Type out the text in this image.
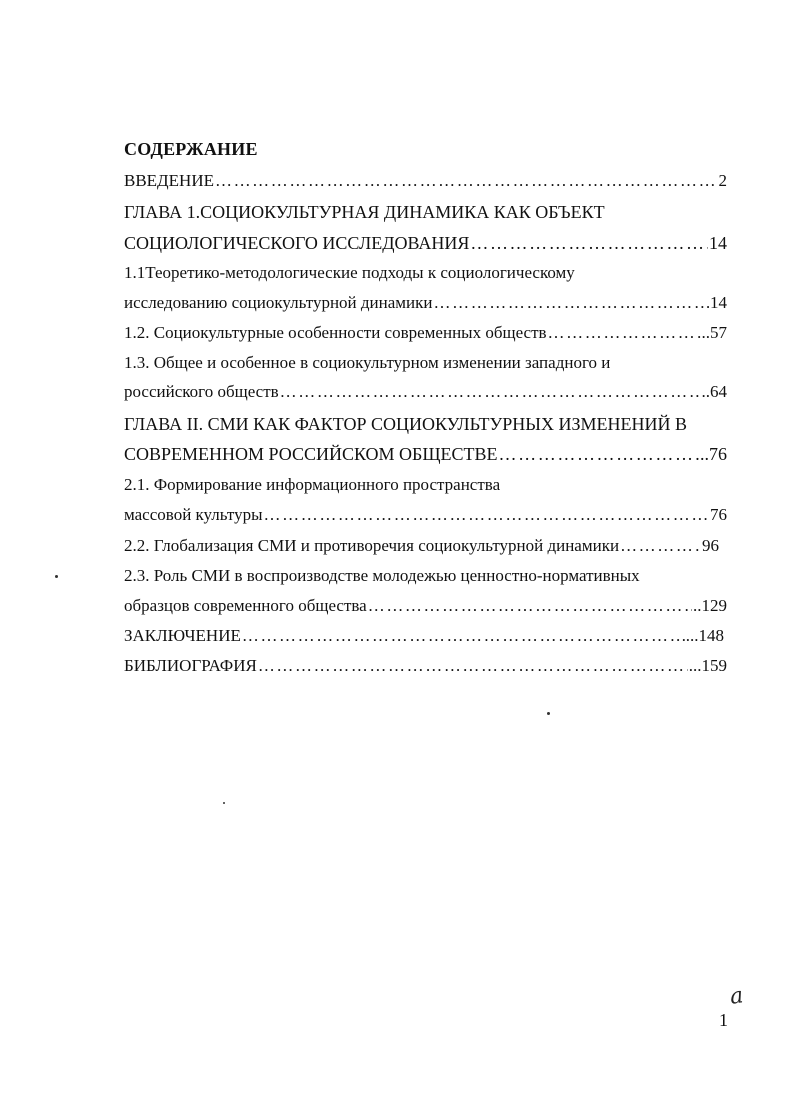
СОДЕРЖАНИЕ
ВВЕДЕНИЕ ………………………………………………………………………………………………………………………………………………	2
ГЛАВА 1.СОЦИОКУЛЬТУРНАЯ ДИНАМИКА КАК ОБЪЕКТ
СОЦИОЛОГИЧЕСКОГО ИССЛЕДОВАНИЯ ………………………………………………………………………………………………………………………………………………	14
1.1Теоретико-методологические подходы к социологическому
исследованию социокультурной динамики ………………………………………………………………………………………………………………………………………………	14
1.2. Социокультурные особенности современных обществ ………………………………………………………………………………………………………………………………………………	..57
1.3. Общее и особенное в социокультурном изменении западного и
российского обществ ………………………………………………………………………………………………………………………………………………	..64
ГЛАВА II. СМИ КАК ФАКТОР СОЦИОКУЛЬТУРНЫХ ИЗМЕНЕНИЙ В
СОВРЕМЕННОМ РОССИЙСКОМ ОБЩЕСТВЕ ………………………………………………………………………………………………………………………………………………	..76
2.1. Формирование информационного пространства
массовой культуры ………………………………………………………………………………………………………………………………………………	76
2.2. Глобализация СМИ и противоречия социокультурной динамики ………………………………………………………………………………………………………………………………………………	96
2.3. Роль СМИ в воспроизводстве молодежью ценностно-нормативных
образцов современного общества ………………………………………………………………………………………………………………………………………………	..129
ЗАКЛЮЧЕНИЕ ………………………………………………………………………………………………………………………………………………	...148
БИБЛИОГРАФИЯ ………………………………………………………………………………………………………………………………………………	...159
a
1
